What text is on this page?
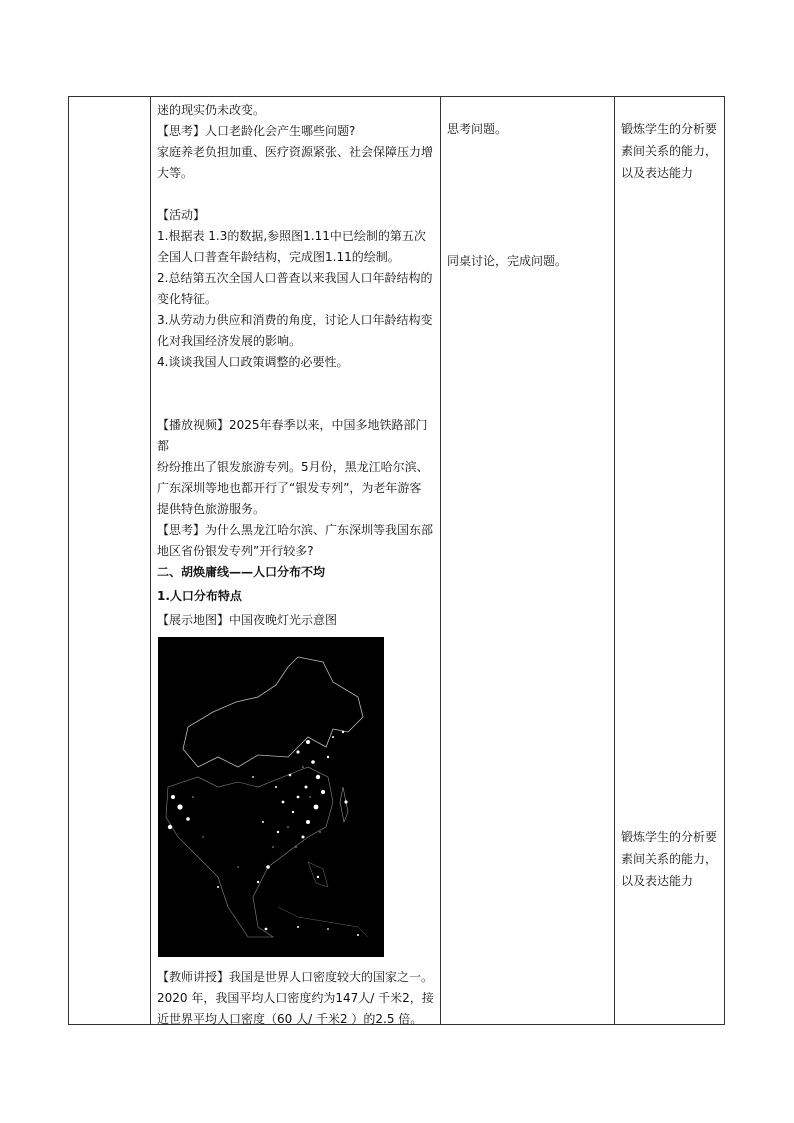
迷的现实仍未改变。

【思考】人口老龄化会产生哪些问题?

家庭养老负担加重、医疗资源紧张、社会保障压力增

大等。

【活动】

1.根据表 1.3的数据,参照图1.11中已绘制的第五次

全国人口普查年龄结构，完成图1.11的绘制。

2.总结第五次全国人口普查以来我国人口年龄结构的

变化特征。

3.从劳动力供应和消费的角度，讨论人口年龄结构变

化对我国经济发展的影响。

4.谈谈我国人口政策调整的必要性。

【播放视频】2025年春季以来，中国多地铁路部门都

纷纷推出了银发旅游专列。5月份，黑龙江哈尔滨、

广东深圳等地也都开行了“银发专列”，为老年游客

提供特色旅游服务。

【思考】为什么黑龙江哈尔滨、广东深圳等我国东部

地区省份银发专列”开行较多?

二、胡焕庸线——人口分布不均

1.人口分布特点

【展示地图】中国夜晚灯光示意图

【教师讲授】我国是世界人口密度较大的国家之一。

2020 年，我国平均人口密度约为147人/ 千米2，接

近世界平均人口密度（60 人/ 千米2 ）的2.5 倍。

思考问题。
同桌讨论，完成问题。
锻炼学生的分析要
素间关系的能力，
以及表达能力
锻炼学生的分析要
素间关系的能力，
以及表达能力
